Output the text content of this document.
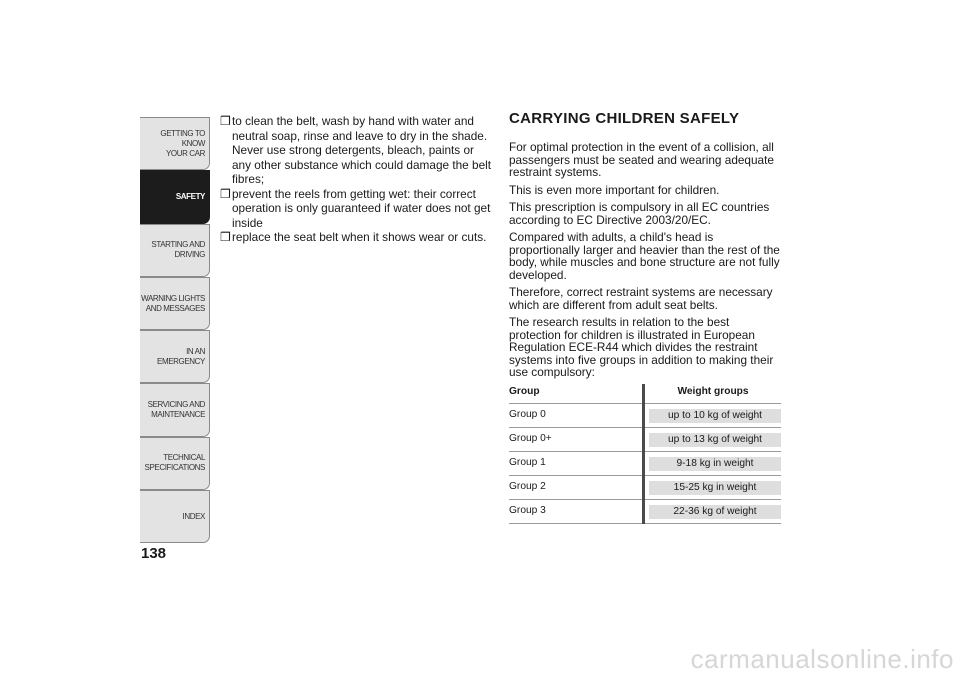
GETTING TO KNOW
YOUR CAR
SAFETY
STARTING AND
DRIVING
WARNING LIGHTS
AND MESSAGES
IN AN EMERGENCY
SERVICING AND
MAINTENANCE
TECHNICAL
SPECIFICATIONS
INDEX
138
❒ to clean the belt, wash by hand with water and neutral soap, rinse and leave to dry in the shade. Never use strong detergents, bleach, paints or any other substance which could damage the belt fibres;
❒ prevent the reels from getting wet: their correct operation is only guaranteed if water does not get inside
❒ replace the seat belt when it shows wear or cuts.
CARRYING CHILDREN SAFELY

For optimal protection in the event of a collision, all passengers must be seated and wearing adequate restraint systems.

This is even more important for children.

This prescription is compulsory in all EC countries according to EC Directive 2003/20/EC.

Compared with adults, a child's head is proportionally larger and heavier than the rest of the body, while muscles and bone structure are not fully developed.

Therefore, correct restraint systems are necessary which are different from adult seat belts.

The research results in relation to the best protection for children is illustrated in European Regulation ECE-R44 which divides the restraint systems into five groups in addition to making their use compulsory:

Group	Weight groups
Group 0	up to 10 kg of weight

Group 0+	up to 13 kg of weight

Group 1	9-18 kg in weight

Group 2	15-25 kg in weight

Group 3	22-36 kg of weight
carmanualsonline.info
